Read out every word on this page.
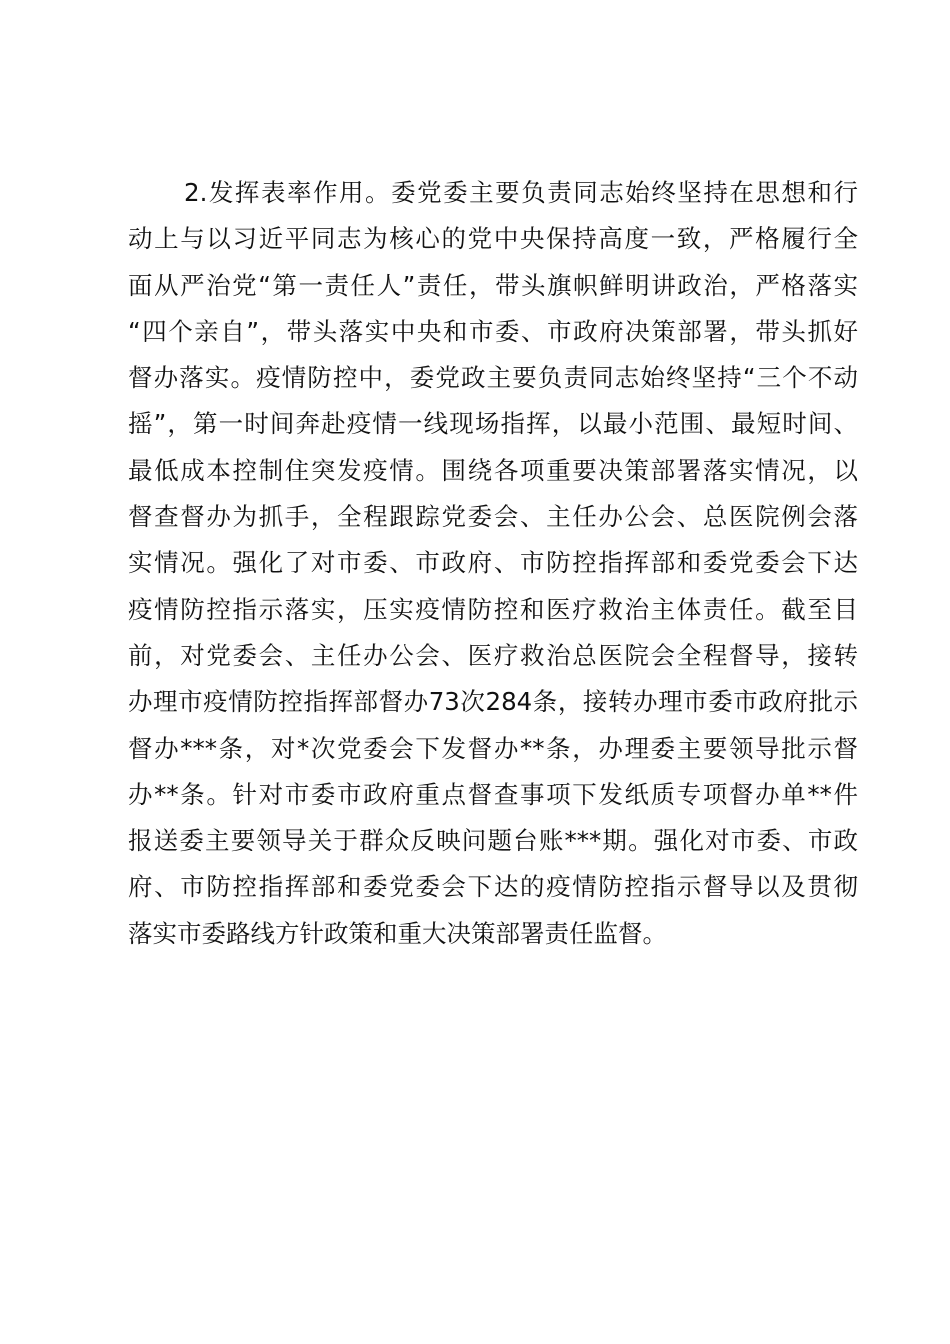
2.发挥表率作用。委党委主要负责同志始终坚持在思想和行
动上与以习近平同志为核心的党中央保持高度一致，严格履行全
面从严治党“第一责任人”责任，带头旗帜鲜明讲政治，严格落实
“四个亲自”，带头落实中央和市委、市政府决策部署，带头抓好
督办落实。疫情防控中，委党政主要负责同志始终坚持“三个不动
摇”，第一时间奔赴疫情一线现场指挥，以最小范围、最短时间、
最低成本控制住突发疫情。围绕各项重要决策部署落实情况，以
督查督办为抓手，全程跟踪党委会、主任办公会、总医院例会落
实情况。强化了对市委、市政府、市防控指挥部和委党委会下达
疫情防控指示落实，压实疫情防控和医疗救治主体责任。截至目
前，对党委会、主任办公会、医疗救治总医院会全程督导，接转
办理市疫情防控指挥部督办73次284条，接转办理市委市政府批示
督办***条，对*次党委会下发督办**条，办理委主要领导批示督
办**条。针对市委市政府重点督查事项下发纸质专项督办单**件
报送委主要领导关于群众反映问题台账***期。强化对市委、市政
府、市防控指挥部和委党委会下达的疫情防控指示督导以及贯彻
落实市委路线方针政策和重大决策部署责任监督。
